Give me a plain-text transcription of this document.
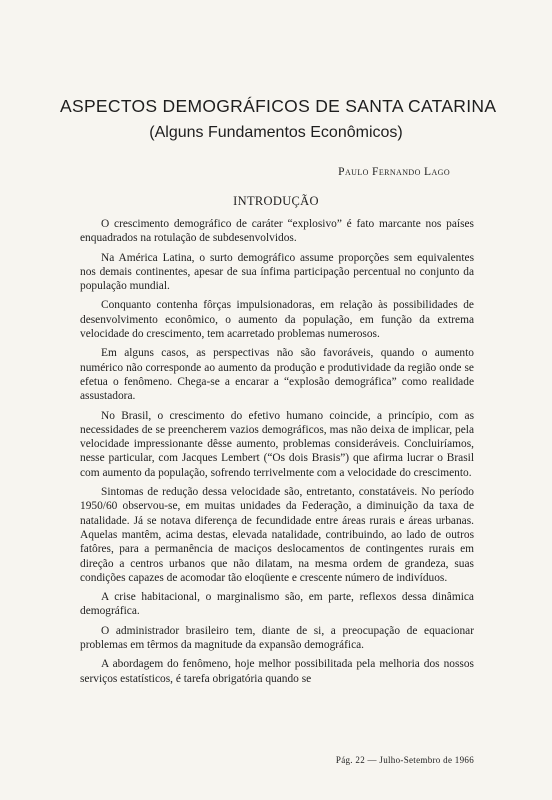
ASPECTOS DEMOGRÁFICOS DE SANTA CATARINA
(Alguns Fundamentos Econômicos)
Paulo Fernando Lago
INTRODUÇÃO

O crescimento demográfico de caráter “explosivo” é fato marcante nos países enquadrados na rotulação de subdesenvolvidos.

Na América Latina, o surto demográfico assume proporções sem equivalentes nos demais continentes, apesar de sua ínfima participação percentual no conjunto da população mundial.

Conquanto contenha fôrças impulsionadoras, em relação às possibilidades de desenvolvimento econômico, o aumento da população, em função da extrema velocidade do crescimento, tem acarretado problemas numerosos.

Em alguns casos, as perspectivas não são favoráveis, quando o aumento numérico não corresponde ao aumento da produção e produtividade da região onde se efetua o fenômeno. Chega-se a encarar a “explosão demográfica” como realidade assustadora.

No Brasil, o crescimento do efetivo humano coincide, a princípio, com as necessidades de se preencherem vazios demográficos, mas não deixa de implicar, pela velocidade impressionante dêsse aumento, problemas consideráveis. Concluiríamos, nesse particular, com Jacques Lembert (“Os dois Brasis”) que afirma lucrar o Brasil com aumento da população, sofrendo terrivelmente com a velocidade do crescimento.

Sintomas de redução dessa velocidade são, entretanto, constatáveis. No período 1950/60 observou-se, em muitas unidades da Federação, a diminuição da taxa de natalidade. Já se notava diferença de fecundidade entre áreas rurais e áreas urbanas. Aquelas mantêm, acima destas, elevada natalidade, contribuindo, ao lado de outros fatôres, para a permanência de maciços deslocamentos de contingentes rurais em direção a centros urbanos que não dilatam, na mesma ordem de grandeza, suas condições capazes de acomodar tão eloqüente e crescente número de indivíduos.

A crise habitacional, o marginalismo são, em parte, reflexos dessa dinâmica demográfica.

O administrador brasileiro tem, diante de si, a preocupação de equacionar problemas em têrmos da magnitude da expansão demográfica.

A abordagem do fenômeno, hoje melhor possibilitada pela melhoria dos nossos serviços estatísticos, é tarefa obrigatória quando se

Pág. 22 — Julho-Setembro de 1966
